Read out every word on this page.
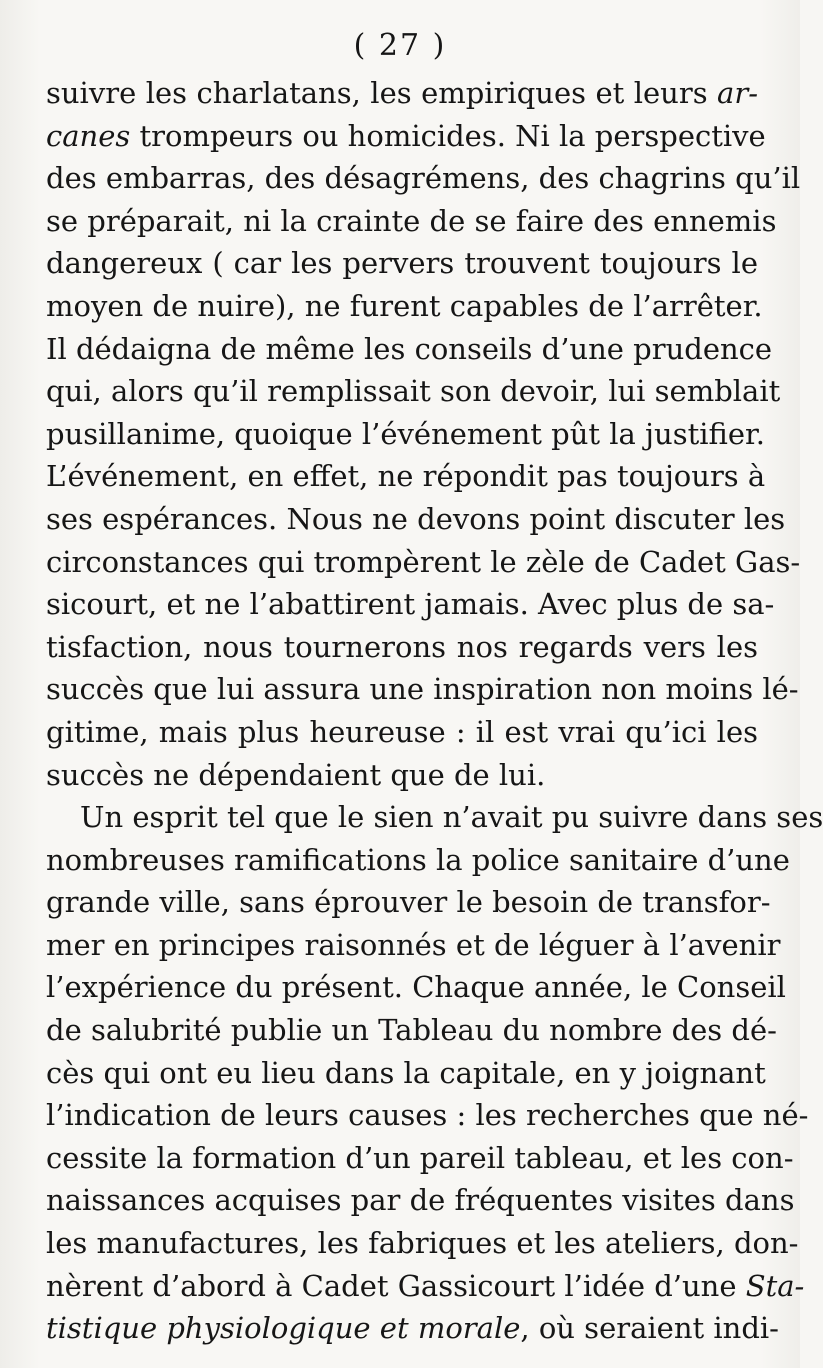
( 27 )
suivre les charlatans, les empiriques et leurs ar-
canes trompeurs ou homicides. Ni la perspective
des embarras, des désagrémens, des chagrins qu’il
se préparait, ni la crainte de se faire des ennemis
dangereux ( car les pervers trouvent toujours le
moyen de nuire), ne furent capables de l’arrêter.
Il dédaigna de même les conseils d’une prudence
qui, alors qu’il remplissait son devoir, lui semblait
pusillanime, quoique l’événement pût la justifier.
L’événement, en effet, ne répondit pas toujours à
ses espérances. Nous ne devons point discuter les
circonstances qui trompèrent le zèle de Cadet Gas-
sicourt, et ne l’abattirent jamais. Avec plus de sa-
tisfaction, nous tournerons nos regards vers les
succès que lui assura une inspiration non moins lé-
gitime, mais plus heureuse : il est vrai qu’ici les
succès ne dépendaient que de lui.
Un esprit tel que le sien n’avait pu suivre dans ses
nombreuses ramifications la police sanitaire d’une
grande ville, sans éprouver le besoin de transfor-
mer en principes raisonnés et de léguer à l’avenir
l’expérience du présent. Chaque année, le Conseil
de salubrité publie un Tableau du nombre des dé-
cès qui ont eu lieu dans la capitale, en y joignant
l’indication de leurs causes : les recherches que né-
cessite la formation d’un pareil tableau, et les con-
naissances acquises par de fréquentes visites dans
les manufactures, les fabriques et les ateliers, don-
nèrent d’abord à Cadet Gassicourt l’idée d’une Sta-
tistique physiologique et morale, où seraient indi-
